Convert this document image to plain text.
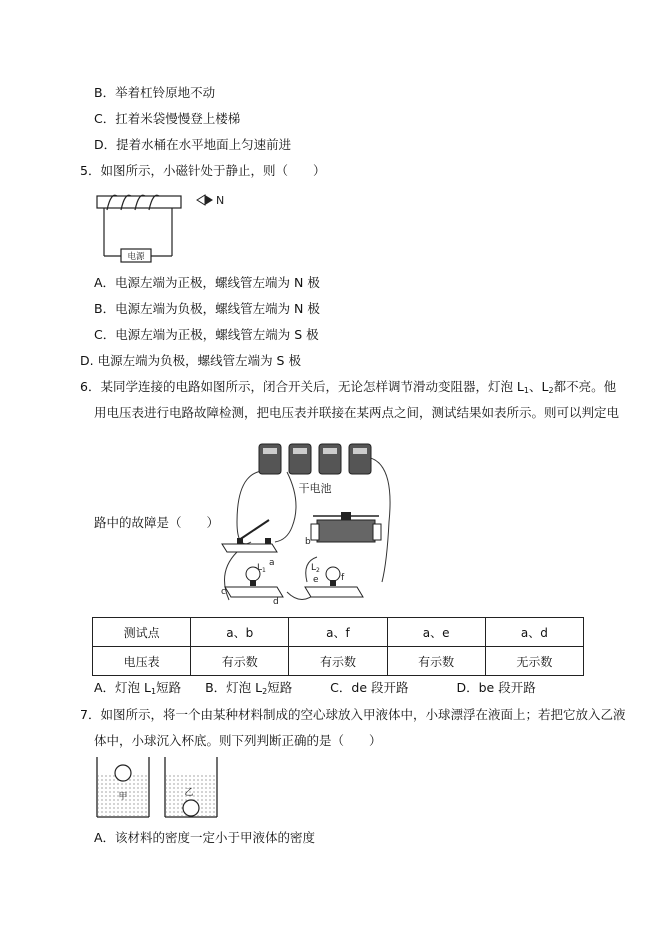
B．举着杠铃原地不动
C．扛着米袋慢慢登上楼梯
D．提着水桶在水平地面上匀速前进
5．如图所示，小磁针处于静止，则（　　）
电源
N
A．电源左端为正极，螺线管左端为 N 极
B．电源左端为负极，螺线管左端为 N 极
C．电源左端为正极，螺线管左端为 S 极
D. 电源左端为负极，螺线管左端为 S 极
6．某同学连接的电路如图所示，闭合开关后，无论怎样调节滑动变阻器，灯泡 $L_1$、$L_2$都不亮。他
用电压表进行电路故障检测，把电压表并联接在某两点之间，测试结果如表所示。则可以判定电
干电池
a
b
$L_1$
c
d
$L_2$
e f
路中的故障是（　　）
测试点	a、b	a、f	a、e	a、d
电压表	有示数	有示数	有示数	无示数
A．灯泡 $L_1$短路 B．灯泡 $L_2$短路	C．de 段开路	D．be 段开路
7．如图所示，将一个由某种材料制成的空心球放入甲液体中，小球漂浮在液面上；若把它放入乙液
体中，小球沉入杯底。则下列判断正确的是（　　）
甲	乙
A．该材料的密度一定小于甲液体的密度
